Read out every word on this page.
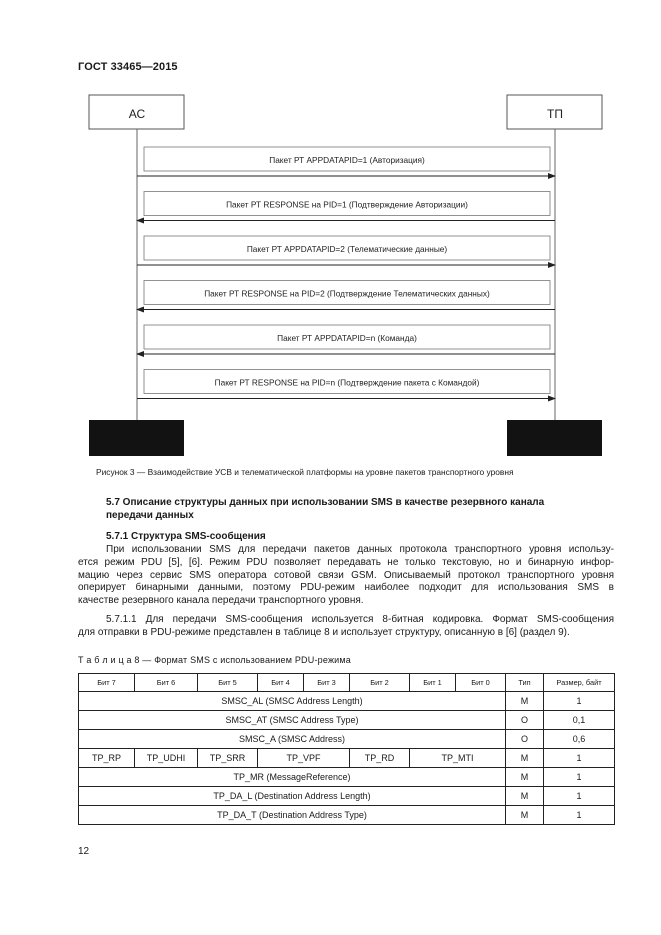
ГОСТ 33465—2015
АС	ТП
Пакет РТ APPDATAPID=1 (Авторизация)
Пакет РТ RESPONSE на PID=1 (Подтверждение Авторизации)
Пакет РТ APPDATAPID=2 (Телематические данные)
Пакет РТ RESPONSE на PID=2 (Подтверждение Телематических данных)
Пакет РТ APPDATAPID=n (Команда)
Пакет РТ RESPONSE на PID=n (Подтверждение пакета с Командой)
Рисунок 3 — Взаимодействие УСВ и телематической платформы на уровне пакетов транспортного уровня
5.7 Описание структуры данных при использовании SMS в качестве резервного канала
передачи данных
5.7.1 Структура SMS-сообщения
При использовании SMS для передачи пакетов данных протокола транспортного уровня использу-
ется режим PDU [5], [6]. Режим PDU позволяет передавать не только текстовую, но и бинарную инфор-
мацию через сервис SMS оператора сотовой связи GSM. Описываемый протокол транспортного уровня
оперирует бинарными данными, поэтому PDU-режим наиболее подходит для использования SMS в
качестве резервного канала передачи транспортного уровня.
5.7.1.1 Для передачи SMS-сообщения используется 8-битная кодировка. Формат SMS-сообщения
для отправки в PDU-режиме представлен в таблице 8 и использует структуру, описанную в [6] (раздел 9).
Т а б л и ц а 8 — Формат SMS с использованием PDU-режима
Бит 7	Бит 6	Бит 5	Бит 4	Бит 3	Бит 2	Бит 1	Бит 0	Тип	Размер, байт
SMSC_AL (SMSC Address Length)								M	1
SMSC_AT (SMSC Address Type)								O	0,1
SMSC_A (SMSC Address)								O	0,6
TP_RP	TP_UDHI	TP_SRR	TP_VPF		TP_RD	TP_MTI		M	1
TP_MR (MessageReference)								M	1
TP_DA_L (Destination Address Length)								M	1
TP_DA_T (Destination Address Type)								M	1
12
